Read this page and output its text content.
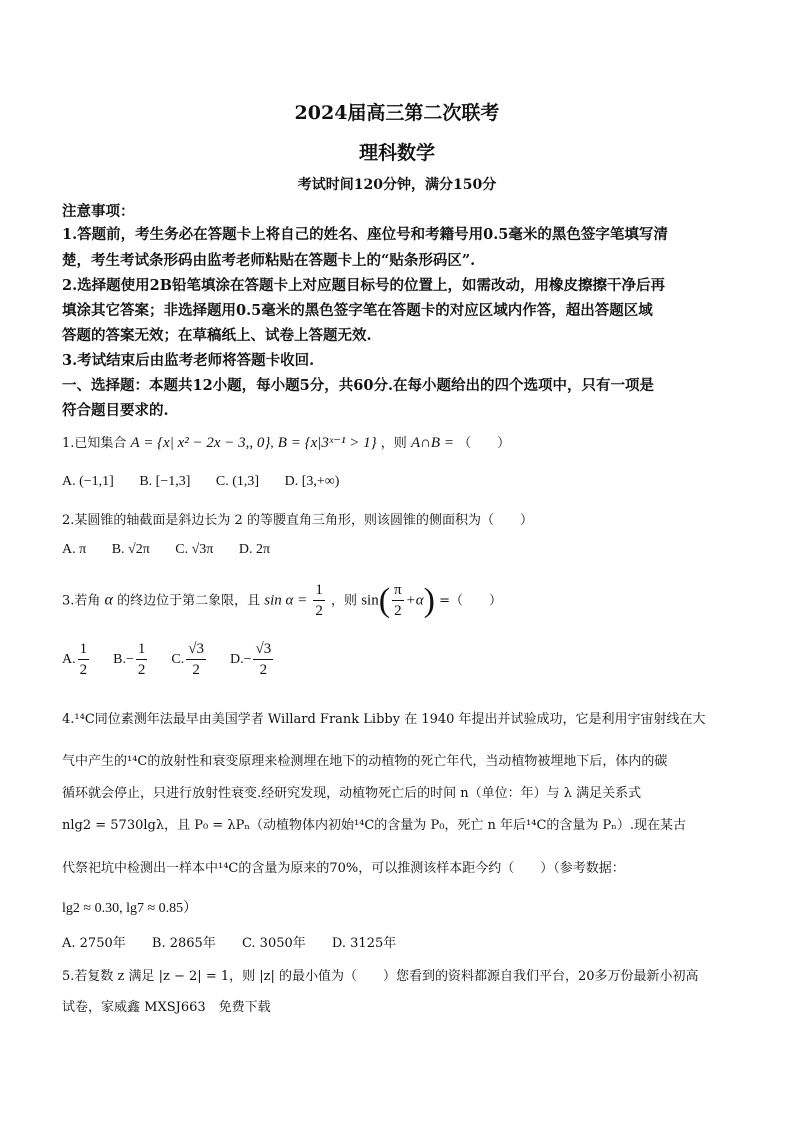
2024届高三第二次联考
理科数学
考试时间120分钟，满分150分
注意事项：
1.答题前，考生务必在答题卡上将自己的姓名、座位号和考籍号用0.5毫米的黑色签字笔填写清
楚，考生考试条形码由监考老师粘贴在答题卡上的“贴条形码区”.
2.选择题使用2B铅笔填涂在答题卡上对应题目标号的位置上，如需改动，用橡皮擦擦干净后再
填涂其它答案；非选择题用0.5毫米的黑色签字笔在答题卡的对应区域内作答，超出答题区域
答题的答案无效；在草稿纸上、试卷上答题无效.
3.考试结束后由监考老师将答题卡收回.
一、选择题：本题共12小题，每小题5分，共60分.在每小题给出的四个选项中，只有一项是
符合题目要求的.
1.已知集合 A = {x| x² − 2x − 3,, 0}, B = {x|3ˣ⁻¹ > 1} ，则 A∩B = （　　）
A. (−1,1] B. [−1,3] C. (1,3] D. [3,+∞)
2.某圆锥的轴截面是斜边长为 2 的等腰直角三角形，则该圆锥的侧面积为（　　）
A. π B. √2π C. √3π D. 2π
3.若角 α 的终边位于第二象限，且 $\sin \alpha = \frac{1}{2}$ ，则 $\sin( \frac{\pi}{2} +\alpha)$ =（　　）
A. $\frac{1}{2} B.- \frac{1}{2} C$. $\frac{√3}{2} D.- \frac{√3}{2}$
4.¹⁴C同位素测年法最早由美国学者 Willard Frank Libby 在 1940 年提出并试验成功，它是利用宇宙射线在大
气中产生的¹⁴C的放射性和衰变原理来检测埋在地下的动植物的死亡年代，当动植物被埋地下后，体内的碳
循环就会停止，只进行放射性衰变.经研究发现，动植物死亡后的时间 n（单位：年）与 λ 满足关系式
nlg2 = 5730lgλ，且 P₀ = λPₙ（动植物体内初始¹⁴C的含量为 P₀，死亡 n 年后¹⁴C的含量为 Pₙ）.现在某古
代祭祀坑中检测出一样本中¹⁴C的含量为原来的70%，可以推测该样本距今约（　　）（参考数据：
lg2 ≈ 0.30, lg7 ≈ 0.85）
A. 2750年 B. 2865年 C. 3050年 D. 3125年
5.若复数 z 满足 |z − 2| = 1，则 |z| 的最小值为（　　）您看到的资料都源自我们平台，20多万份最新小初高
试卷，家威鑫 MXSJ663　免费下载
